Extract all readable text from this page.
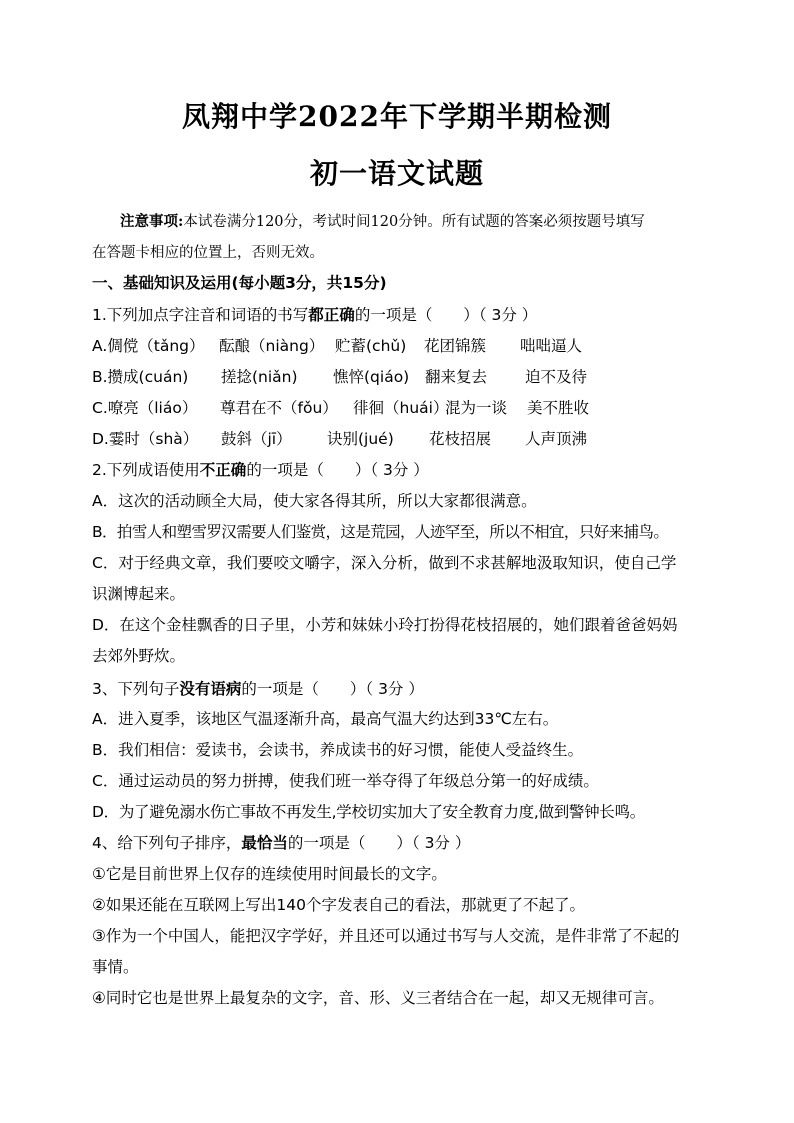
凤翔中学2022年下学期半期检测
初一语文试题
注意事项:本试卷满分120分，考试时间120分钟。所有试题的答案必须按题号填写
在答题卡相应的位置上，否则无效。
一、基础知识及运用(每小题3分，共15分)
1.下列加点字注音和词语的书写都正确的一项是（　　）（ 3分 ）
A.倜傥（tǎng） 酝酿（niàng） 贮蓄(chǔ) 花团锦簇 咄咄逼人
B.攒成(cuán) 搓捻(niǎn) 憔悴(qiáo) 翻来复去 迫不及待
C.嘹亮（liáo） 尊君在不（fǒu） 徘徊（huái）混为一谈 美不胜收
D.霎时（shà） 鼓斜（jī） 诀别(jué) 花枝招展 人声顶沸
2.下列成语使用不正确的一项是（　　）（ 3分 ）
A．这次的活动顾全大局，使大家各得其所，所以大家都很满意。
B．拍雪人和塑雪罗汉需要人们鉴赏，这是荒园，人迹罕至，所以不相宜，只好来捕鸟。
C．对于经典文章，我们要咬文嚼字，深入分析，做到不求甚解地汲取知识，使自己学
识渊博起来。
D．在这个金桂飘香的日子里，小芳和妹妹小玲打扮得花枝招展的，她们跟着爸爸妈妈
去郊外野炊。
3、下列句子没有语病的一项是（　　）（ 3分 ）
A．进入夏季，该地区气温逐渐升高，最高气温大约达到33℃左右。
B．我们相信：爱读书，会读书，养成读书的好习惯，能使人受益终生。
C．通过运动员的努力拼搏，使我们班一举夺得了年级总分第一的好成绩。
D．为了避免溺水伤亡事故不再发生,学校切实加大了安全教育力度,做到警钟长鸣。
4、给下列句子排序，最恰当的一项是（　　）（ 3分 ）
①它是目前世界上仅存的连续使用时间最长的文字。
②如果还能在互联网上写出140个字发表自己的看法，那就更了不起了。
③作为一个中国人，能把汉字学好，并且还可以通过书写与人交流，是件非常了不起的
事情。
④同时它也是世界上最复杂的文字，音、形、义三者结合在一起，却又无规律可言。
